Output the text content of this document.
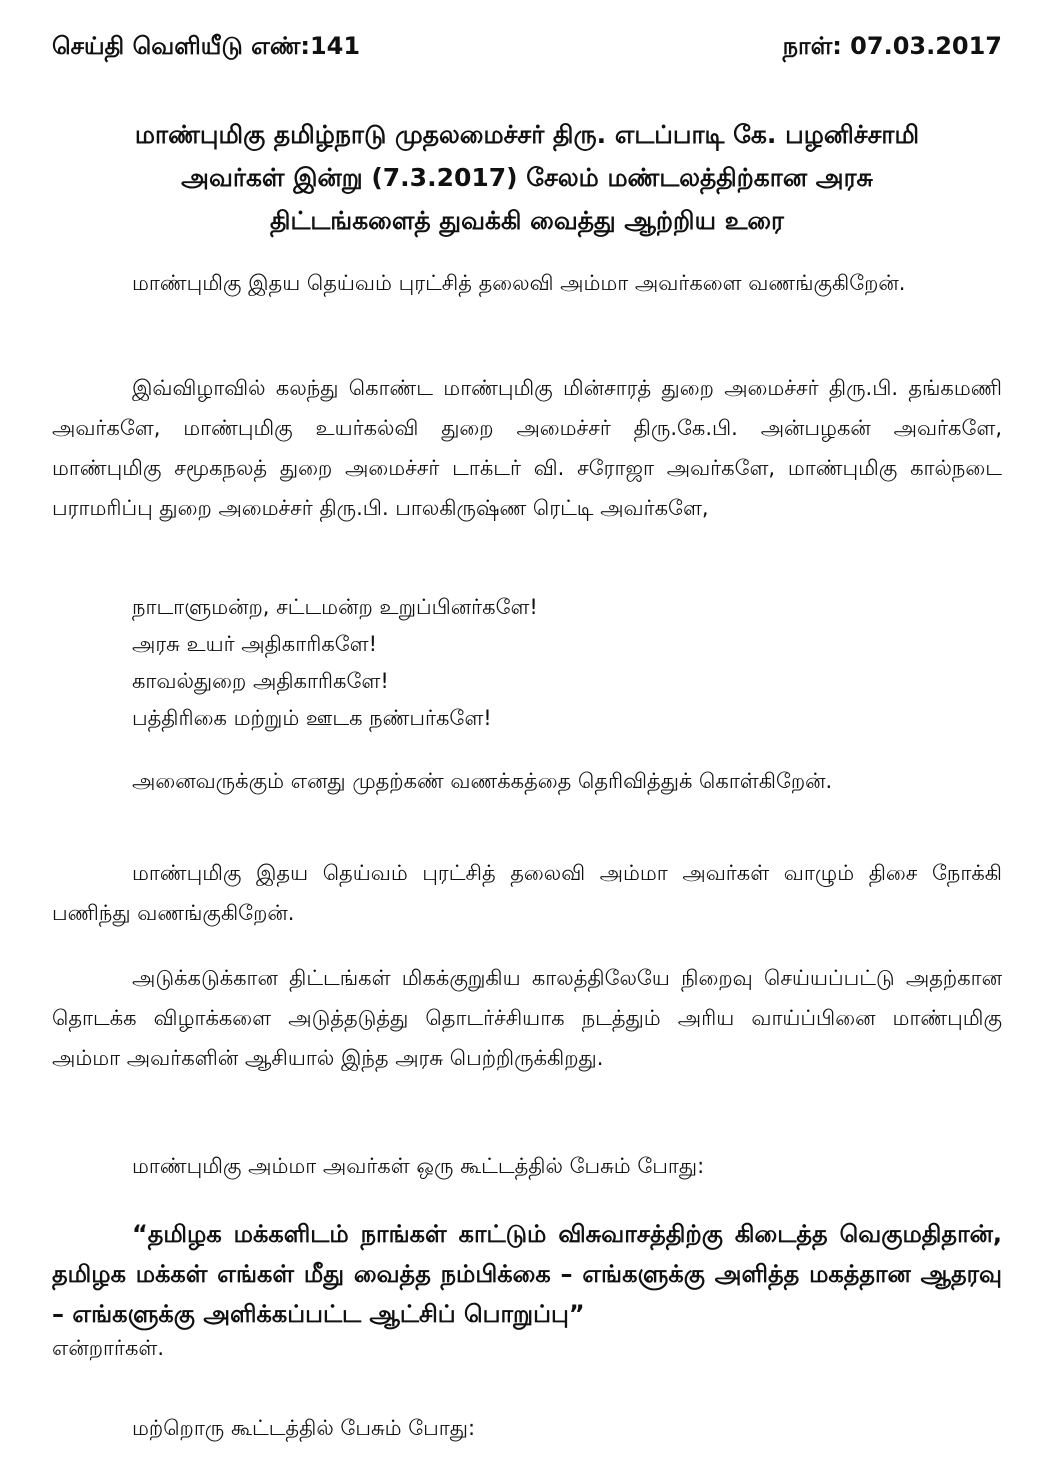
செய்தி வெளியீடு எண்:141	நாள்: 07.03.2017
மாண்புமிகு தமிழ்நாடு முதலமைச்சர் திரு. எடப்பாடி கே. பழனிச்சாமி
அவர்கள் இன்று (7.3.2017) சேலம் மண்டலத்திற்கான அரசு
திட்டங்களைத் துவக்கி வைத்து ஆற்றிய உரை
மாண்புமிகு இதய தெய்வம் புரட்சித் தலைவி அம்மா அவர்களை வணங்குகிறேன்.
இவ்விழாவில் கலந்து கொண்ட மாண்புமிகு மின்சாரத் துறை அமைச்சர் திரு.பி. தங்கமணி அவர்களே, மாண்புமிகு உயர்கல்வி துறை அமைச்சர் திரு.கே.பி. அன்பழகன் அவர்களே, மாண்புமிகு சமூகநலத் துறை அமைச்சர் டாக்டர் வி. சரோஜா அவர்களே, மாண்புமிகு கால்நடை பராமரிப்பு துறை அமைச்சர் திரு.பி. பாலகிருஷ்ண ரெட்டி அவர்களே,
நாடாளுமன்ற, சட்டமன்ற உறுப்பினர்களே!
அரசு உயர் அதிகாரிகளே!
காவல்துறை அதிகாரிகளே!
பத்திரிகை மற்றும் ஊடக நண்பர்களே!
அனைவருக்கும் எனது முதற்கண் வணக்கத்தை தெரிவித்துக் கொள்கிறேன்.
மாண்புமிகு இதய தெய்வம் புரட்சித் தலைவி அம்மா அவர்கள் வாழும் திசை நோக்கி பணிந்து வணங்குகிறேன்.
அடுக்கடுக்கான திட்டங்கள் மிகக்குறுகிய காலத்திலேயே நிறைவு செய்யப்பட்டு அதற்கான தொடக்க விழாக்களை அடுத்தடுத்து தொடர்ச்சியாக நடத்தும் அரிய வாய்ப்பினை மாண்புமிகு அம்மா அவர்களின் ஆசியால் இந்த அரசு பெற்றிருக்கிறது.
மாண்புமிகு அம்மா அவர்கள் ஒரு கூட்டத்தில் பேசும் போது:
“தமிழக மக்களிடம் நாங்கள் காட்டும் விசுவாசத்திற்கு கிடைத்த வெகுமதிதான், தமிழக மக்கள் எங்கள் மீது வைத்த நம்பிக்கை – எங்களுக்கு அளித்த மகத்தான ஆதரவு – எங்களுக்கு அளிக்கப்பட்ட ஆட்சிப் பொறுப்பு”
என்றார்கள்.
மற்றொரு கூட்டத்தில் பேசும் போது:
